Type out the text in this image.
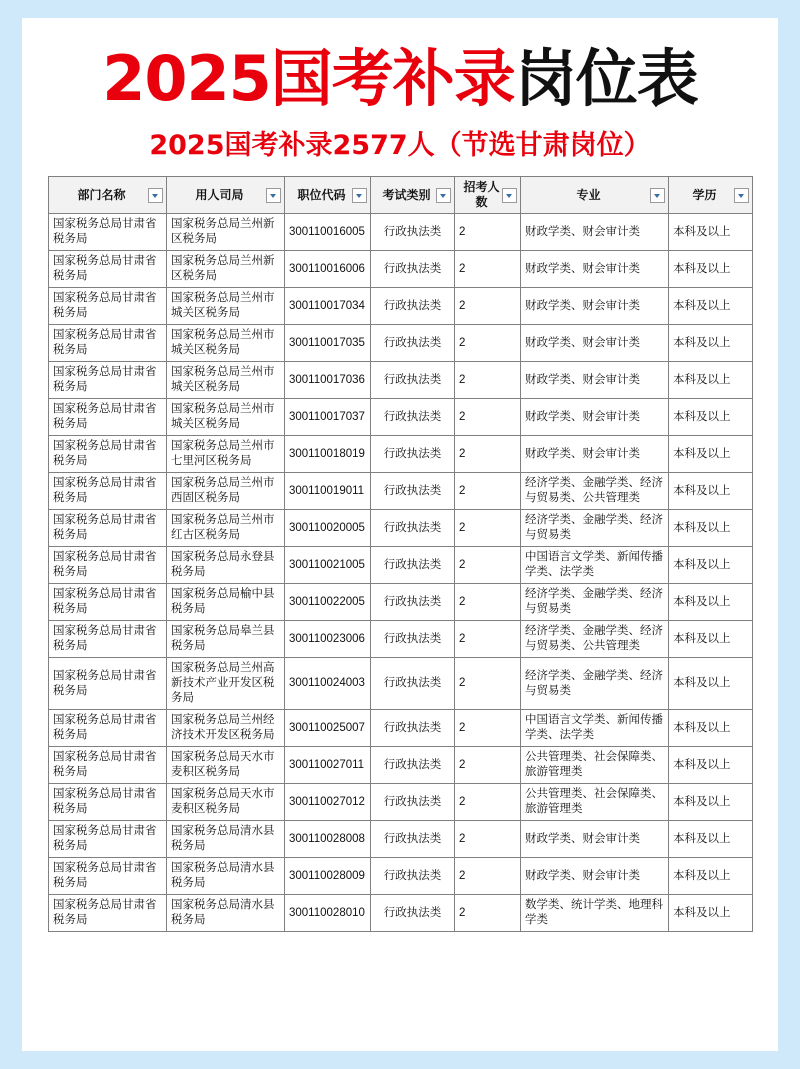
2025国考补录岗位表
2025国考补录2577人（节选甘肃岗位）
部门名称	用人司局	职位代码	考试类别	招考人数	专业	学历

国家税务总局甘肃省税务局	国家税务总局兰州新区税务局	300110016005	行政执法类	2	财政学类、财会审计类	本科及以上
国家税务总局甘肃省税务局	国家税务总局兰州新区税务局	300110016006	行政执法类	2	财政学类、财会审计类	本科及以上
国家税务总局甘肃省税务局	国家税务总局兰州市城关区税务局	300110017034	行政执法类	2	财政学类、财会审计类	本科及以上
国家税务总局甘肃省税务局	国家税务总局兰州市城关区税务局	300110017035	行政执法类	2	财政学类、财会审计类	本科及以上
国家税务总局甘肃省税务局	国家税务总局兰州市城关区税务局	300110017036	行政执法类	2	财政学类、财会审计类	本科及以上
国家税务总局甘肃省税务局	国家税务总局兰州市城关区税务局	300110017037	行政执法类	2	财政学类、财会审计类	本科及以上
国家税务总局甘肃省税务局	国家税务总局兰州市七里河区税务局	300110018019	行政执法类	2	财政学类、财会审计类	本科及以上
国家税务总局甘肃省税务局	国家税务总局兰州市西固区税务局	300110019011	行政执法类	2	经济学类、金融学类、经济与贸易类、公共管理类	本科及以上
国家税务总局甘肃省税务局	国家税务总局兰州市红古区税务局	300110020005	行政执法类	2	经济学类、金融学类、经济与贸易类	本科及以上
国家税务总局甘肃省税务局	国家税务总局永登县税务局	300110021005	行政执法类	2	中国语言文学类、新闻传播学类、法学类	本科及以上
国家税务总局甘肃省税务局	国家税务总局榆中县税务局	300110022005	行政执法类	2	经济学类、金融学类、经济与贸易类	本科及以上
国家税务总局甘肃省税务局	国家税务总局皋兰县税务局	300110023006	行政执法类	2	经济学类、金融学类、经济与贸易类、公共管理类	本科及以上
国家税务总局甘肃省税务局	国家税务总局兰州高新技术产业开发区税务局	300110024003	行政执法类	2	经济学类、金融学类、经济与贸易类	本科及以上
国家税务总局甘肃省税务局	国家税务总局兰州经济技术开发区税务局	300110025007	行政执法类	2	中国语言文学类、新闻传播学类、法学类	本科及以上
国家税务总局甘肃省税务局	国家税务总局天水市麦积区税务局	300110027011	行政执法类	2	公共管理类、社会保障类、旅游管理类	本科及以上
国家税务总局甘肃省税务局	国家税务总局天水市麦积区税务局	300110027012	行政执法类	2	公共管理类、社会保障类、旅游管理类	本科及以上
国家税务总局甘肃省税务局	国家税务总局清水县税务局	300110028008	行政执法类	2	财政学类、财会审计类	本科及以上
国家税务总局甘肃省税务局	国家税务总局清水县税务局	300110028009	行政执法类	2	财政学类、财会审计类	本科及以上
国家税务总局甘肃省税务局	国家税务总局清水县税务局	300110028010	行政执法类	2	数学类、统计学类、地理科学类	本科及以上
